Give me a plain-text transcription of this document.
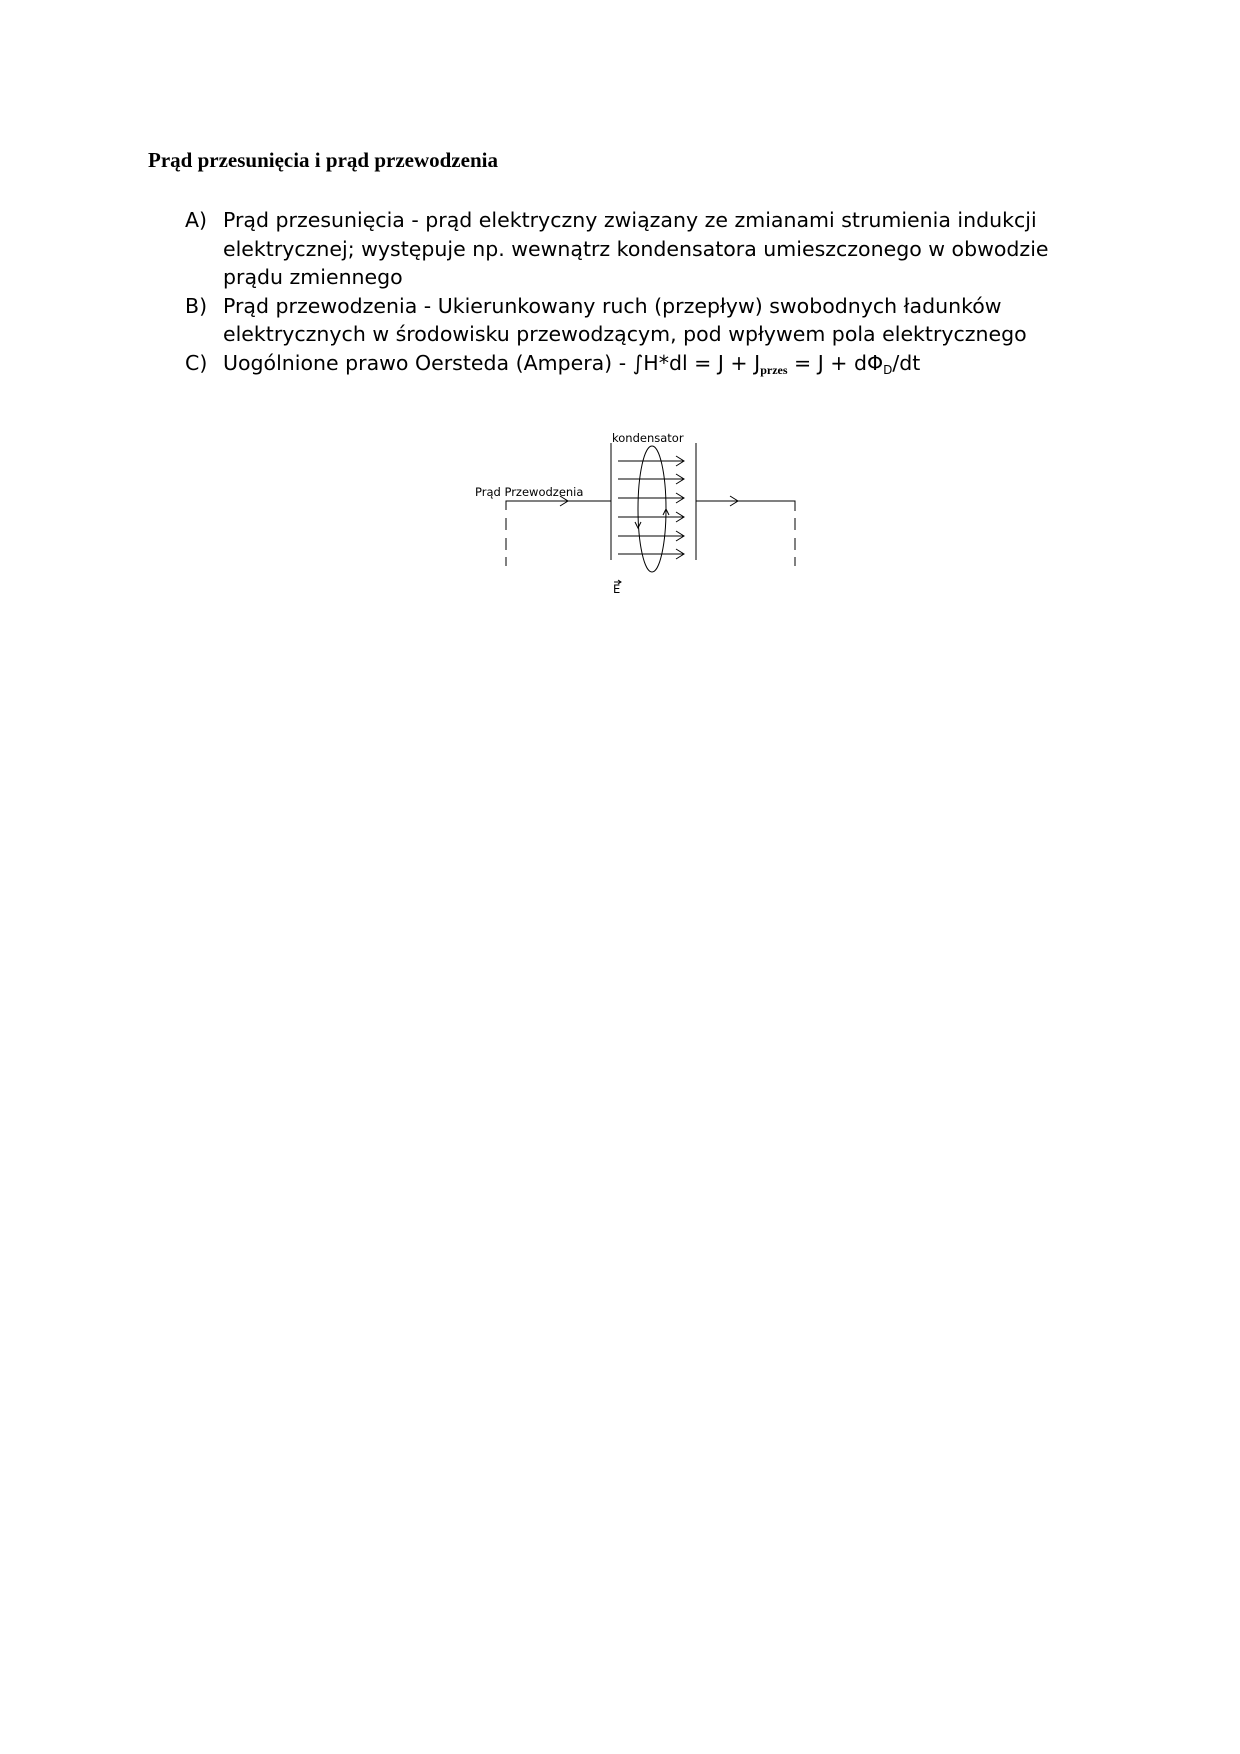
Prąd przesunięcia i prąd przewodzenia
A) Prąd przesunięcia - prąd elektryczny związany ze zmianami strumienia indukcji elektrycznej; występuje np. wewnątrz kondensatora umieszczonego w obwodzie prądu zmiennego
B) Prąd przewodzenia - Ukierunkowany ruch (przepływ) swobodnych ładunków elektrycznych w środowisku przewodzącym, pod wpływem pola elektrycznego
C) Uogólnione prawo Oersteda (Ampera) - $\int H*dl = J + J_{przes} = J + d\Phi_D/dt$
kondensator
Prąd Przewodzenia
E
